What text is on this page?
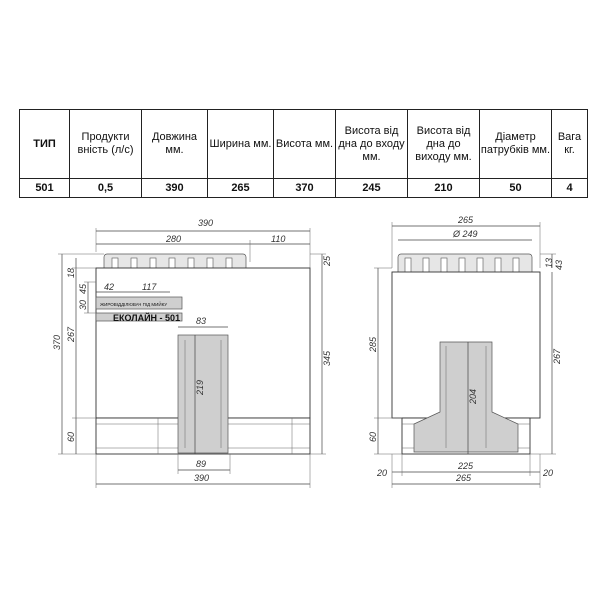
ТИП	Продукти вність (л/с)	Довжина мм.	Ширина мм.	Висота мм.	Висота від дна до входу мм.	Висота від дна до виходу мм.	Діаметр патрубків мм.	Вага кг.
501	0,5	390	265	370	245	210	50	4
390
280	110
ЖИРОВІДДІЛЮВАЧ ПІД МИЙКУ
ЕКОЛАЙН - 501
42	117
83
219
89
390
370
267
18
45
30
60
25
345
265
Ø 249
204
285
60
13 43
267
20
225
20
265
